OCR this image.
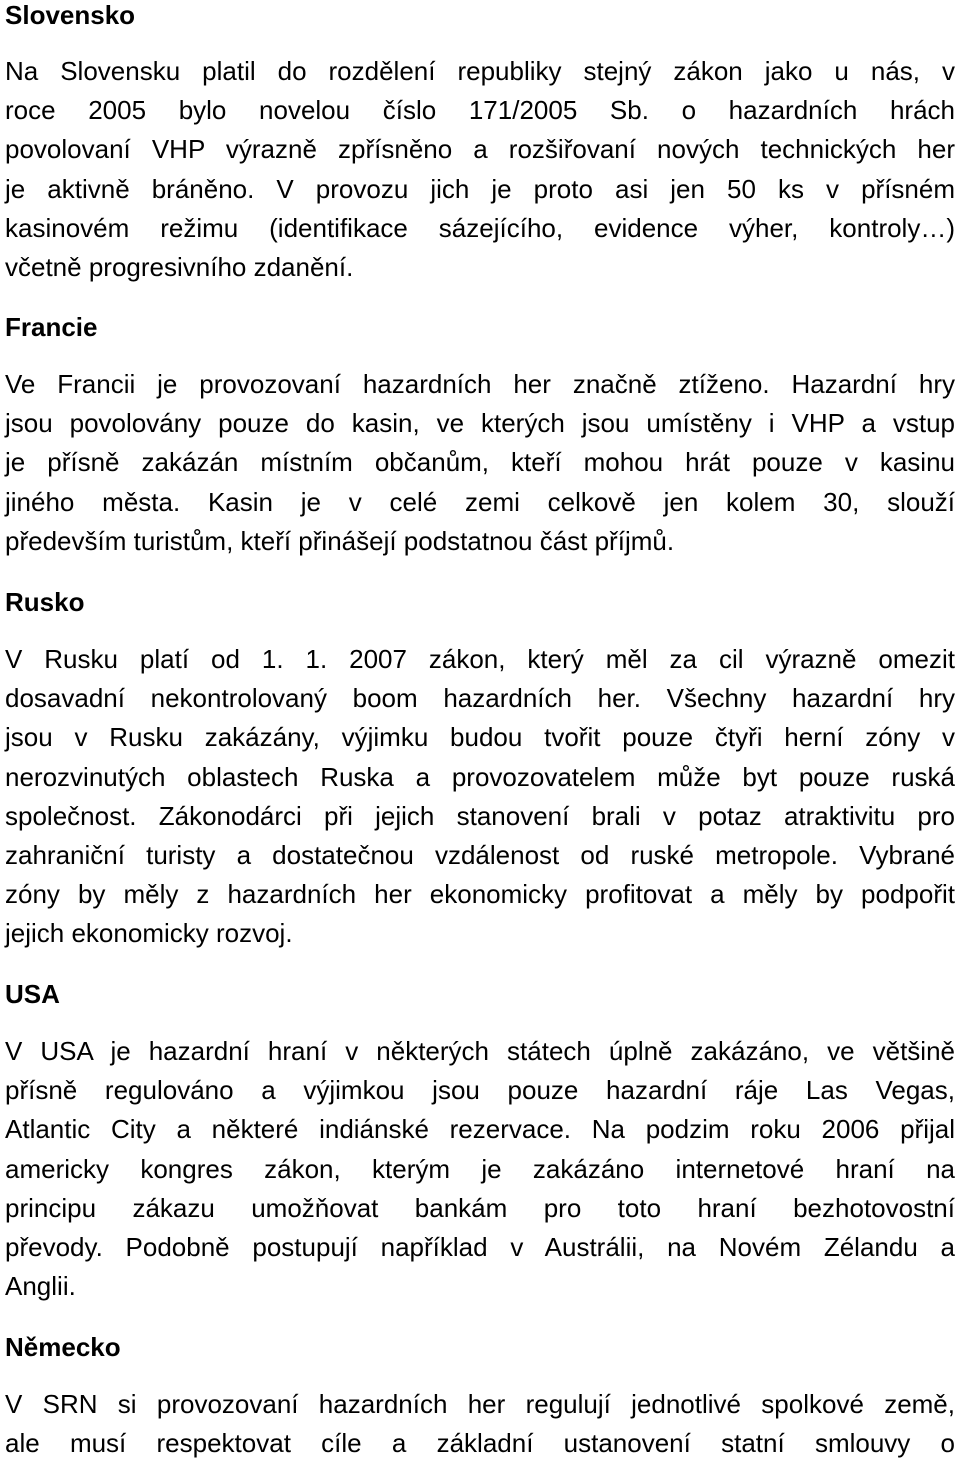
Slovensko
Na Slovensku platil do rozdělení republiky stejný zákon jako u nás, v
roce 2005 bylo novelou číslo 171/2005 Sb. o hazardních hrách
povolovaní VHP výrazně zpřísněno a rozšiřovaní nových technických her
je aktivně bráněno. V provozu jich je proto asi jen 50 ks v přísném
kasinovém režimu (identifikace sázejícího, evidence výher, kontroly…)
včetně progresivního zdanění.
Francie
Ve Francii je provozovaní hazardních her značně ztíženo. Hazardní hry
jsou povolovány pouze do kasin, ve kterých jsou umístěny i VHP a vstup
je přísně zakázán místním občanům, kteří mohou hrát pouze v kasinu
jiného města. Kasin je v celé zemi celkově jen kolem 30, slouží
především turistům, kteří přinášejí podstatnou část příjmů.
Rusko
V Rusku platí od 1. 1. 2007 zákon, který měl za cil výrazně omezit
dosavadní nekontrolovaný boom hazardních her. Všechny hazardní hry
jsou v Rusku zakázány, výjimku budou tvořit pouze čtyři herní zóny v
nerozvinutých oblastech Ruska a provozovatelem může byt pouze ruská
společnost. Zákonodárci při jejich stanovení brali v potaz atraktivitu pro
zahraniční turisty a dostatečnou vzdálenost od ruské metropole. Vybrané
zóny by měly z hazardních her ekonomicky profitovat a měly by podpořit
jejich ekonomicky rozvoj.
USA
V USA je hazardní hraní v některých státech úplně zakázáno, ve většině
přísně regulováno a výjimkou jsou pouze hazardní ráje Las Vegas,
Atlantic City a některé indiánské rezervace. Na podzim roku 2006 přijal
americky kongres zákon, kterým je zakázáno internetové hraní na
principu zákazu umožňovat bankám pro toto hraní bezhotovostní
převody. Podobně postupují například v Austrálii, na Novém Zélandu a
Anglii.
Německo
V SRN si provozovaní hazardních her regulují jednotlivé spolkové země,
ale musí respektovat cíle a základní ustanovení statní smlouvy o
